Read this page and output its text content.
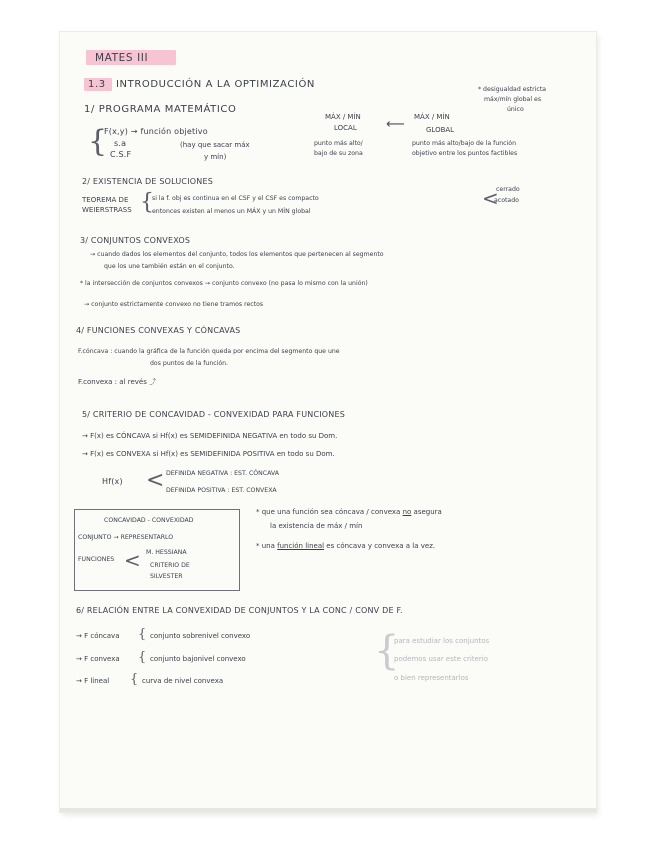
MATES III
1.3 INTRODUCCIÓN A LA OPTIMIZACIÓN	* desigualdad estricta
máx/mín global es
único
1/ PROGRAMA MATEMÁTICO
{
F(x,y) → función objetivo
s.a
C.S.F
(hay que sacar máx
y mín)
MÁX / MÍN
LOCAL
punto más alto/
bajo de su zona
⟵ MÁX / MÍN
GLOBAL
punto más alto/bajo de la función
objetivo entre los puntos factibles
2/ EXISTENCIA DE SOLUCIONES
TEOREMA DE
WEIERSTRASS {
si la f. obj es continua en el CSF y el CSF es compacto
entonces existen al menos un MÁX y un MÍN global
<
cerrado
acotado
3/ CONJUNTOS CONVEXOS
→ cuando dados los elementos del conjunto, todos los elementos que pertenecen al segmento
que los une también están en el conjunto.
* la intersección de conjuntos convexos → conjunto convexo (no pasa lo mismo con la unión)
→ conjunto estrictamente convexo no tiene tramos rectos
4/ FUNCIONES CONVEXAS Y CÓNCAVAS
F.cóncava : cuando la gráfica de la función queda por encima del segmento que une
dos puntos de la función.
F.convexa : al revés ⤴
5/ CRITERIO DE CONCAVIDAD - CONVEXIDAD PARA FUNCIONES
→ F(x) es CÓNCAVA si Hf(x) es SEMIDEFINIDA NEGATIVA en todo su Dom.
→ F(x) es CONVEXA si Hf(x) es SEMIDEFINIDA POSITIVA en todo su Dom.
Hf(x) < DEFINIDA NEGATIVA : EST. CÓNCAVA
DEFINIDA POSITIVA : EST. CONVEXA
CONCAVIDAD - CONVEXIDAD
CONJUNTO → REPRESENTARLO
FUNCIONES < M. HESSIANA
CRITERIO DE
SILVESTER
* que una función sea cóncava / convexa no asegura
la existencia de máx / mín
* una función lineal es cóncava y convexa a la vez.
6/ RELACIÓN ENTRE LA CONVEXIDAD DE CONJUNTOS Y LA CONC / CONV DE F.
→ F cóncava { conjunto sobrenivel convexo
→ F convexa { conjunto bajonivel convexo
→ F lineal { curva de nivel convexa
{
para estudiar los conjuntos
podemos usar este criterio
o bien representarlos
